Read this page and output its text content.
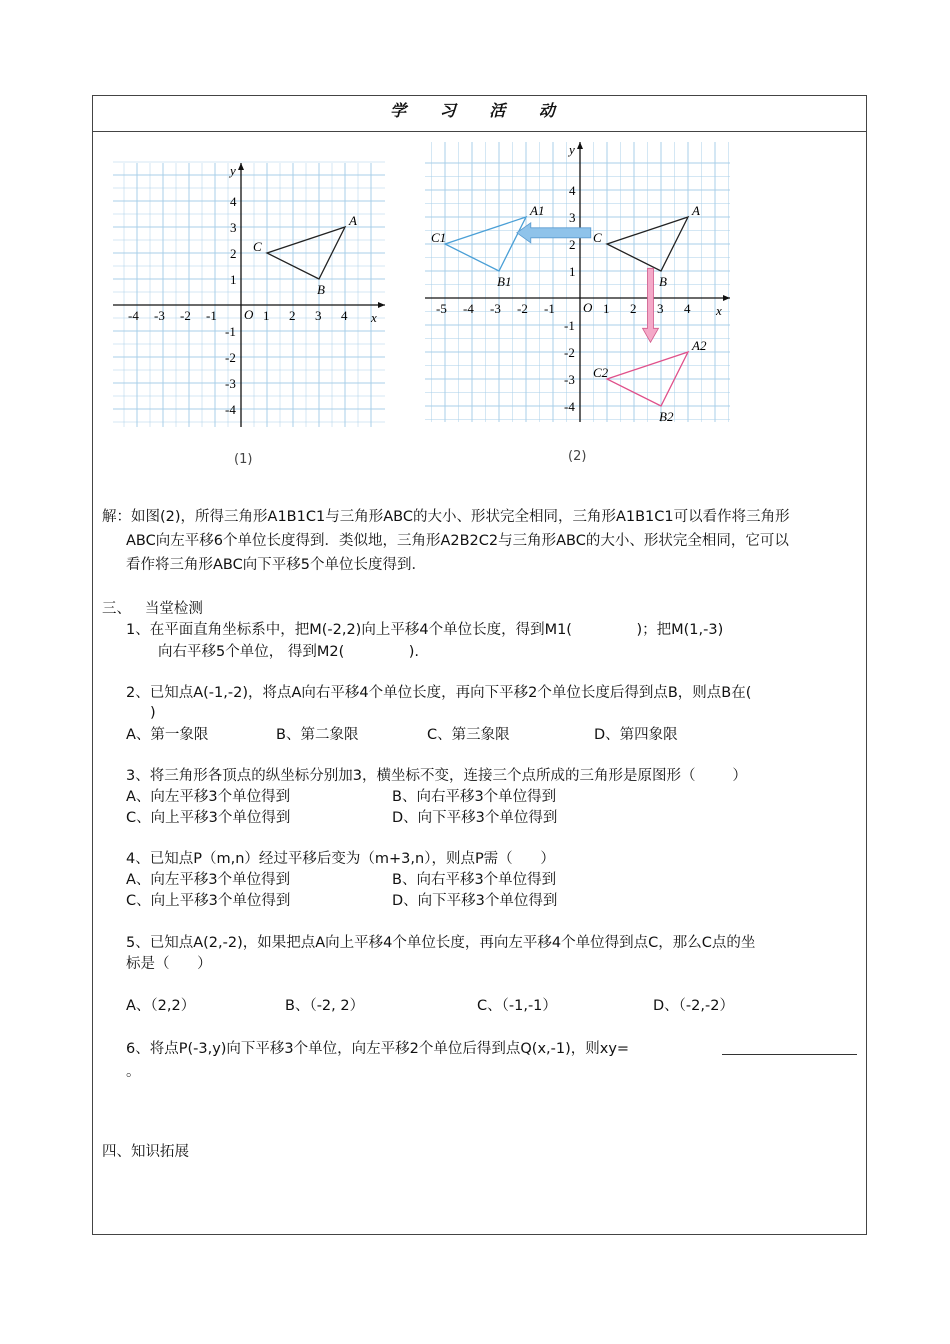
学 习 活 动
x
y
O
-4 -3 -2 -1	1 2 3 4
4
3
2
1
-1
-2
-3
-4
A
B
C
(1)
x
y
O
-5 -4 -3 -2 -1	1 2 3 4
4
3
2
1
-1
-2
-3
-4
A
B
C
A1
B1
C1
A2
B2
C2
(2)
解：如图(2)，所得三角形A1B1C1与三角形ABC的大小、形状完全相同，三角形A1B1C1可以看作将三角形
ABC向左平移6个单位长度得到．类似地，三角形A2B2C2与三角形ABC的大小、形状完全相同，它可以
看作将三角形ABC向下平移5个单位长度得到．
三、   当堂检测
1、在平面直角坐标系中，把M(-2,2)向上平移4个单位长度，得到M1(              )；把M(1,-3)
向右平移5个单位， 得到M2(              ).
2、已知点A(-1,-2)，将点A向右平移4个单位长度，再向下平移2个单位长度后得到点B，则点B在(
)
A、第一象限	B、第二象限	C、第三象限	D、第四象限
3、将三角形各顶点的纵坐标分别加3，横坐标不变，连接三个点所成的三角形是原图形（        ）
A、向左平移3个单位得到	B、向右平移3个单位得到
C、向上平移3个单位得到	D、向下平移3个单位得到
4、已知点P（m,n）经过平移后变为（m+3,n），则点P需（      ）
A、向左平移3个单位得到	B、向右平移3个单位得到
C、向上平移3个单位得到	D、向下平移3个单位得到
5、已知点A(2,-2)，如果把点A向上平移4个单位长度，再向左平移4个单位得到点C，那么C点的坐
标是（      ）
A、（2,2）	B、（-2, 2）	C、（-1,-1）	D、（-2,-2）
6、将点P(-3,y)向下平移3个单位，向左平移2个单位后得到点Q(x,-1)，则xy=
。
四、知识拓展
